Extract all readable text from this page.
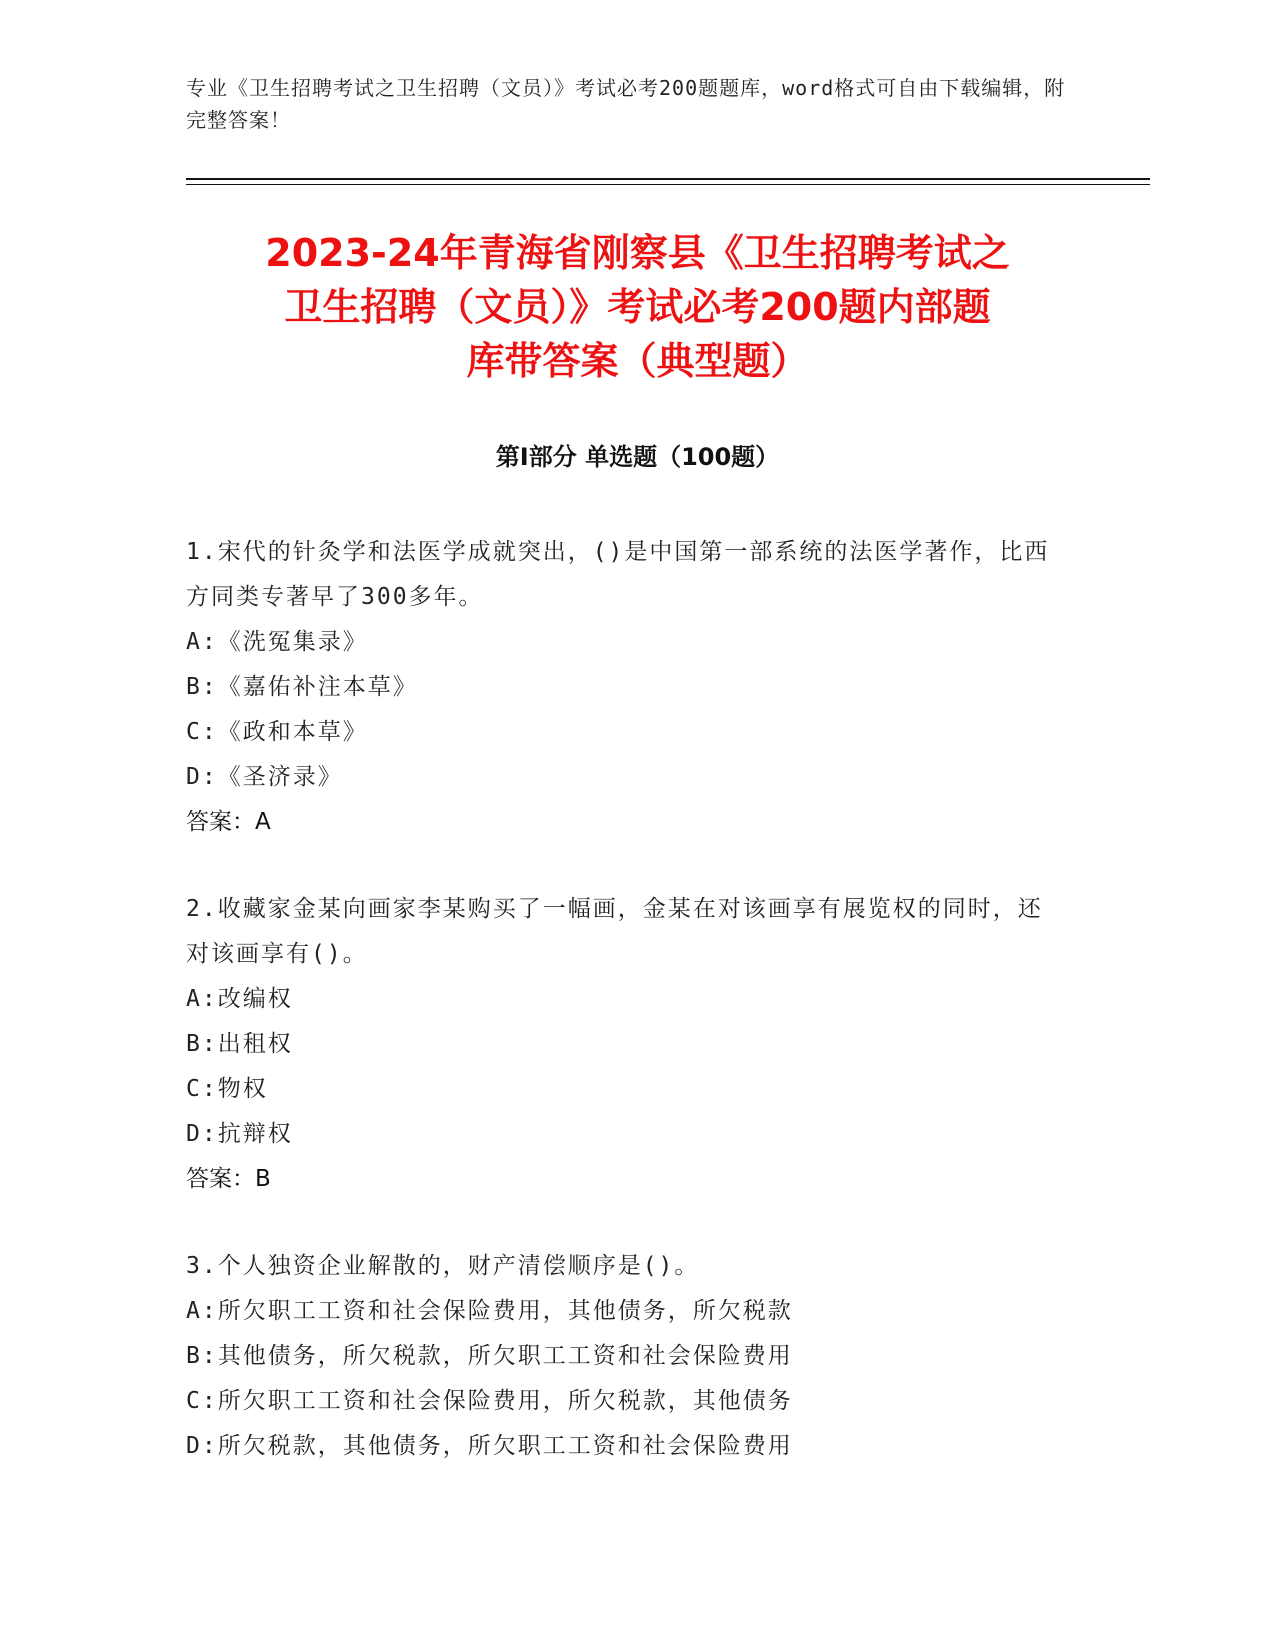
专业《卫生招聘考试之卫生招聘（文员）》考试必考200题题库，word格式可自由下载编辑，附完整答案！
2023-24年青海省刚察县《卫生招聘考试之
卫生招聘（文员）》考试必考200题内部题
库带答案（典型题）
第Ⅰ部分 单选题（100题）
1.宋代的针灸学和法医学成就突出，()是中国第一部系统的法医学著作，比西方同类专著早了300多年。
A:《洗冤集录》
B:《嘉佑补注本草》
C:《政和本草》
D:《圣济录》
答案：A
2.收藏家金某向画家李某购买了一幅画，金某在对该画享有展览权的同时，还对该画享有()。
A:改编权
B:出租权
C:物权
D:抗辩权
答案：B
3.个人独资企业解散的，财产清偿顺序是()。
A:所欠职工工资和社会保险费用，其他债务，所欠税款
B:其他债务，所欠税款，所欠职工工资和社会保险费用
C:所欠职工工资和社会保险费用，所欠税款，其他债务
D:所欠税款，其他债务，所欠职工工资和社会保险费用
